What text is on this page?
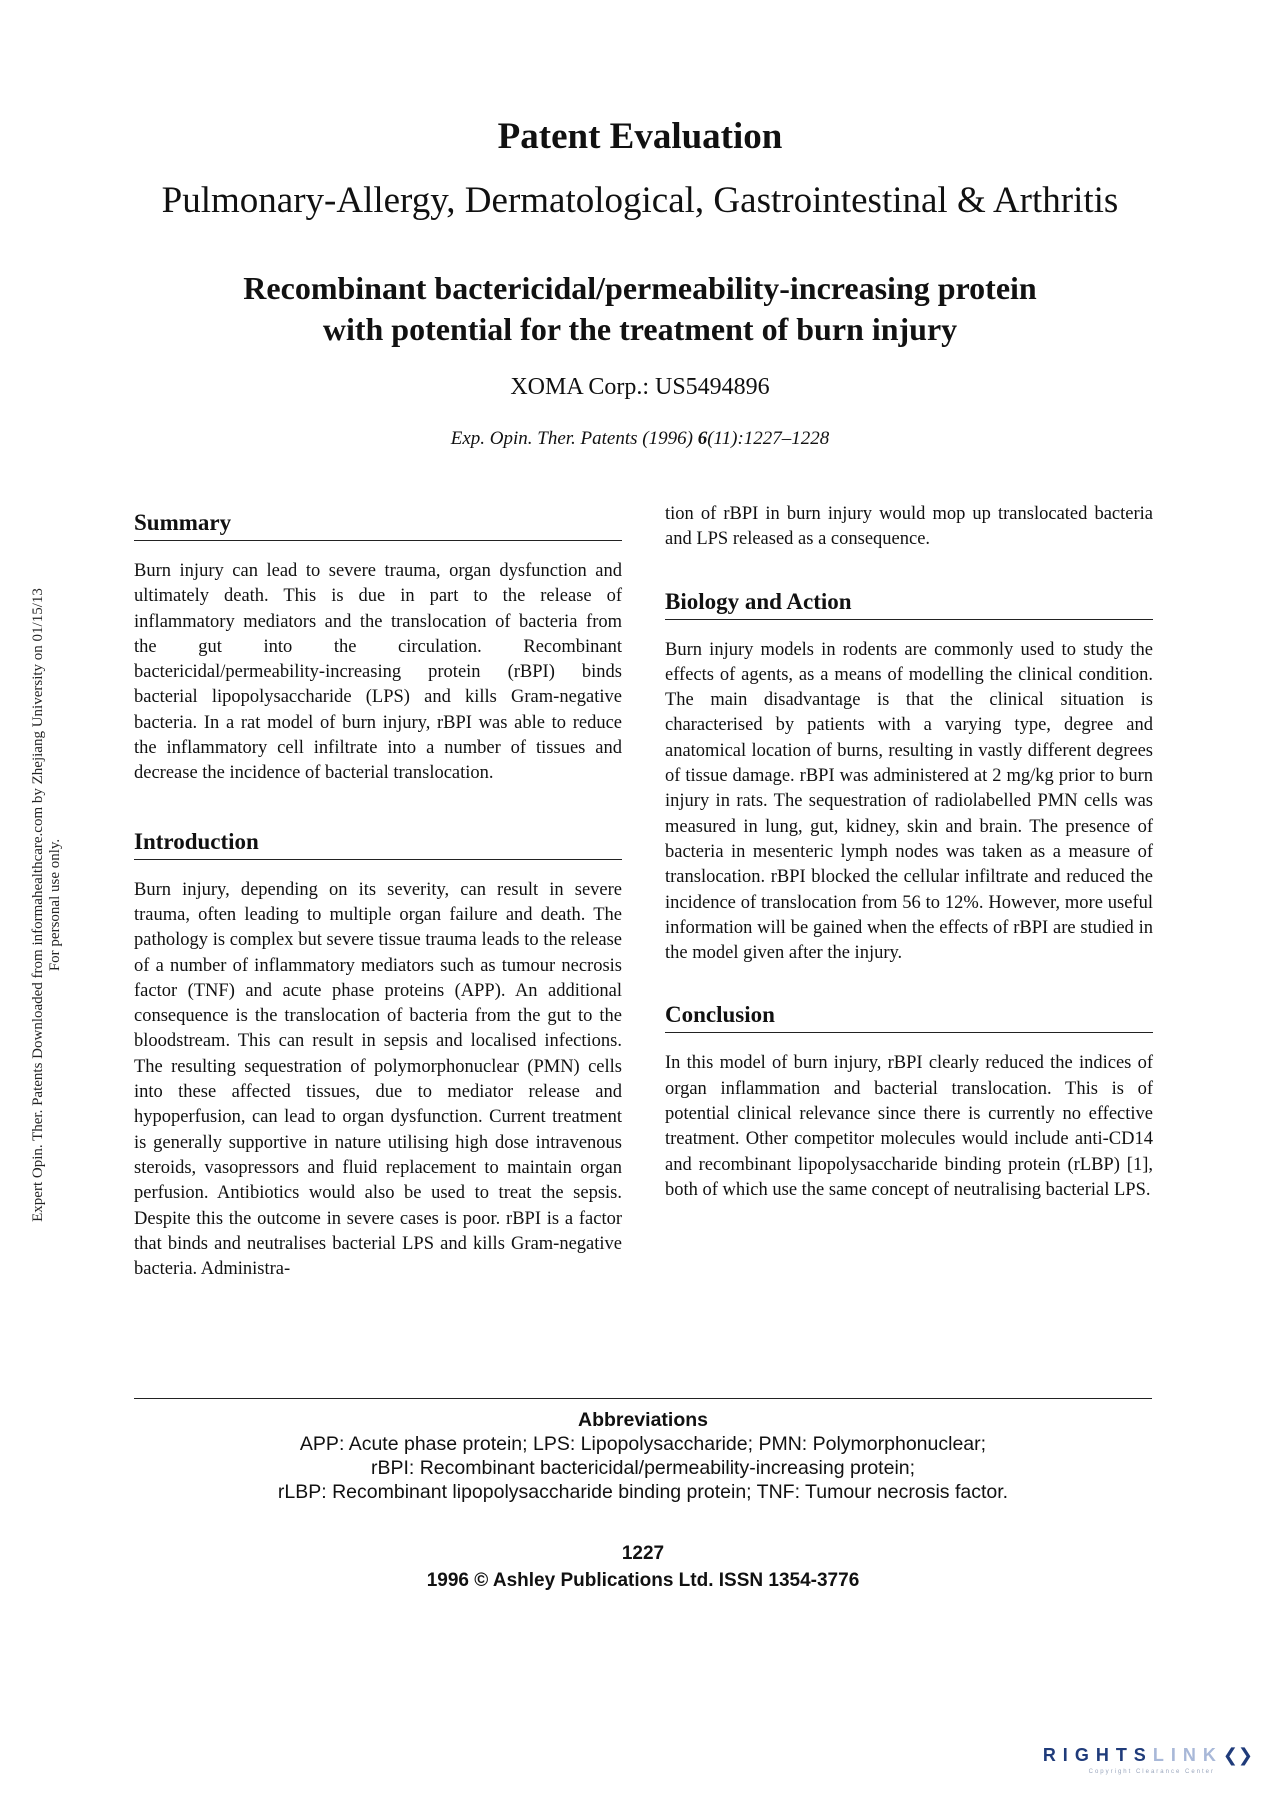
Expert Opin. Ther. Patents Downloaded from informahealthcare.com by Zhejiang University on 01/15/13 For personal use only.
Patent Evaluation
Pulmonary-Allergy, Dermatological, Gastrointestinal & Arthritis
Recombinant bactericidal/permeability-increasing protein
with potential for the treatment of burn injury
XOMA Corp.: US5494896
Exp. Opin. Ther. Patents (1996) 6(11):1227–1228
Summary

Burn injury can lead to severe trauma, organ dysfunction and ultimately death. This is due in part to the release of inflammatory mediators and the translocation of bacteria from the gut into the circulation. Recombinant bactericidal/permeability-increasing protein (rBPI) binds bacterial lipopolysaccharide (LPS) and kills Gram-negative bacteria. In a rat model of burn injury, rBPI was able to reduce the inflammatory cell infiltrate into a number of tissues and decrease the incidence of bacterial translocation.

Introduction

Burn injury, depending on its severity, can result in severe trauma, often leading to multiple organ failure and death. The pathology is complex but severe tissue trauma leads to the release of a number of inflammatory mediators such as tumour necrosis factor (TNF) and acute phase proteins (APP). An additional consequence is the translocation of bacteria from the gut to the bloodstream. This can result in sepsis and localised infections. The resulting sequestration of polymorphonuclear (PMN) cells into these affected tissues, due to mediator release and hypoperfusion, can lead to organ dysfunction. Current treatment is generally supportive in nature utilising high dose intravenous steroids, vasopressors and fluid replacement to maintain organ perfusion. Antibiotics would also be used to treat the sepsis. Despite this the outcome in severe cases is poor. rBPI is a factor that binds and neutralises bacterial LPS and kills Gram-negative bacteria. Administra-

tion of rBPI in burn injury would mop up translocated bacteria and LPS released as a consequence.

Biology and Action

Burn injury models in rodents are commonly used to study the effects of agents, as a means of modelling the clinical condition. The main disadvantage is that the clinical situation is characterised by patients with a varying type, degree and anatomical location of burns, resulting in vastly different degrees of tissue damage. rBPI was administered at 2 mg/kg prior to burn injury in rats. The sequestration of radiolabelled PMN cells was measured in lung, gut, kidney, skin and brain. The presence of bacteria in mesenteric lymph nodes was taken as a measure of translocation. rBPI blocked the cellular infiltrate and reduced the incidence of translocation from 56 to 12%. However, more useful information will be gained when the effects of rBPI are studied in the model given after the injury.

Conclusion

In this model of burn injury, rBPI clearly reduced the indices of organ inflammation and bacterial translocation. This is of potential clinical relevance since there is currently no effective treatment. Other competitor molecules would include anti-CD14 and recombinant lipopolysaccharide binding protein (rLBP) [1], both of which use the same concept of neutralising bacterial LPS.

Abbreviations
APP: Acute phase protein; LPS: Lipopolysaccharide; PMN: Polymorphonuclear;
rBPI: Recombinant bactericidal/permeability-increasing protein;
rLBP: Recombinant lipopolysaccharide binding protein; TNF: Tumour necrosis factor.
1227
1996 © Ashley Publications Ltd. ISSN 1354-3776
RIGHTSLINK❮❯
Copyright Clearance Center
